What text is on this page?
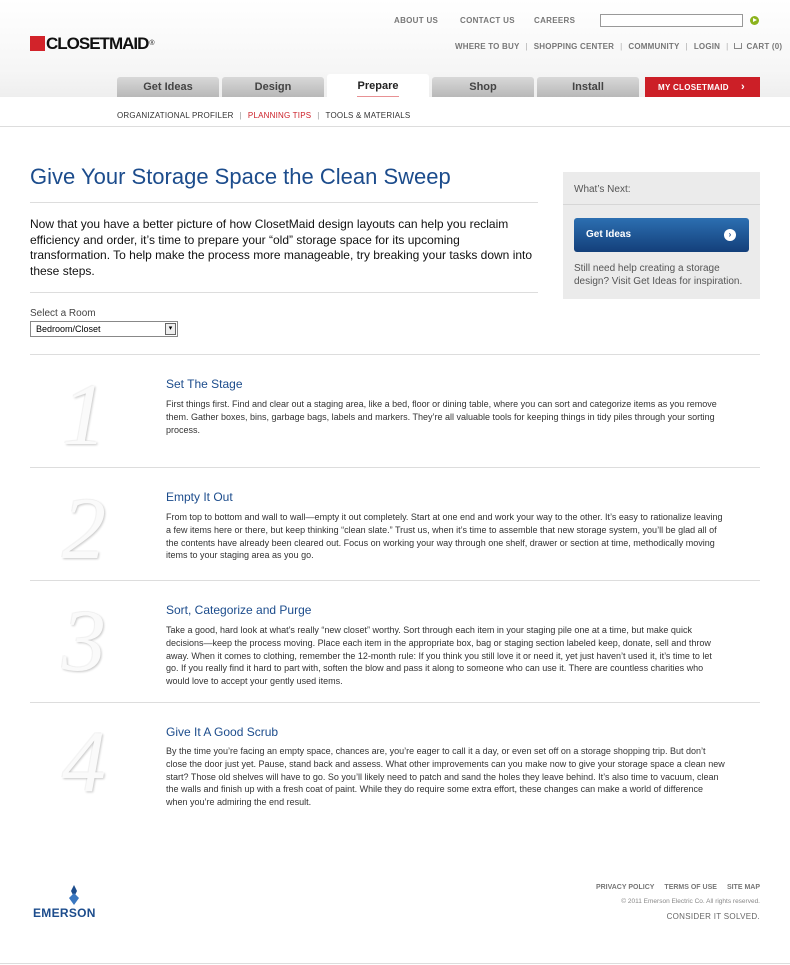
CLOSETMAID ®
ABOUT US	CONTACT US CAREERS
WHERE TO BUY | SHOPPING CENTER | COMMUNITY | LOGIN | CART (0)
Get Ideas	Design	Prepare	Shop	Install	MY CLOSETMAID ›
ORGANIZATIONAL PROFILER | PLANNING TIPS | TOOLS & MATERIALS
Give Your Storage Space the Clean Sweep

Now that you have a better picture of how ClosetMaid design layouts can help you reclaim efficiency and order, it’s time to prepare your “old” storage space for its upcoming transformation. To help make the process more manageable, try breaking your tasks down into these steps.

Select a Room
Bedroom/Closet	▾
What’s Next:
Get Ideas	›
Still need help creating a storage design? Visit Get Ideas for inspiration.
1	Set The Stage
First things first. Find and clear out a staging area, like a bed, floor or dining table, where you can sort and categorize items as you remove them. Gather boxes, bins, garbage bags, labels and markers. They’re all valuable tools for keeping things in tidy piles through your sorting process.
2	Empty It Out
From top to bottom and wall to wall—empty it out completely. Start at one end and work your way to the other. It’s easy to rationalize leaving a few items here or there, but keep thinking “clean slate.” Trust us, when it’s time to assemble that new storage system, you’ll be glad all of the contents have already been cleared out. Focus on working your way through one shelf, drawer or section at time, methodically moving items to your staging area as you go.
3	Sort, Categorize and Purge
Take a good, hard look at what’s really “new closet” worthy. Sort through each item in your staging pile one at a time, but make quick decisions—keep the process moving. Place each item in the appropriate box, bag or staging section labeled keep, donate, sell and throw away. When it comes to clothing, remember the 12-month rule: If you think you still love it or need it, yet just haven’t used it, it’s time to let go. If you really find it hard to part with, soften the blow and pass it along to someone who can use it. There are countless charities who would love to accept your gently used items.
4	Give It A Good Scrub
By the time you’re facing an empty space, chances are, you’re eager to call it a day, or even set off on a storage shopping trip. But don’t close the door just yet. Pause, stand back and assess. What other improvements can you make now to give your storage space a clean new start? Those old shelves will have to go. So you’ll likely need to patch and sand the holes they leave behind. It’s also time to vacuum, clean the walls and finish up with a fresh coat of paint. While they do require some extra effort, these changes can make a world of difference when you’re admiring the end result.
EMERSON
PRIVACY POLICY TERMS OF USE SITE MAP
© 2011 Emerson Electric Co. All rights reserved.
CONSIDER IT SOLVED.
